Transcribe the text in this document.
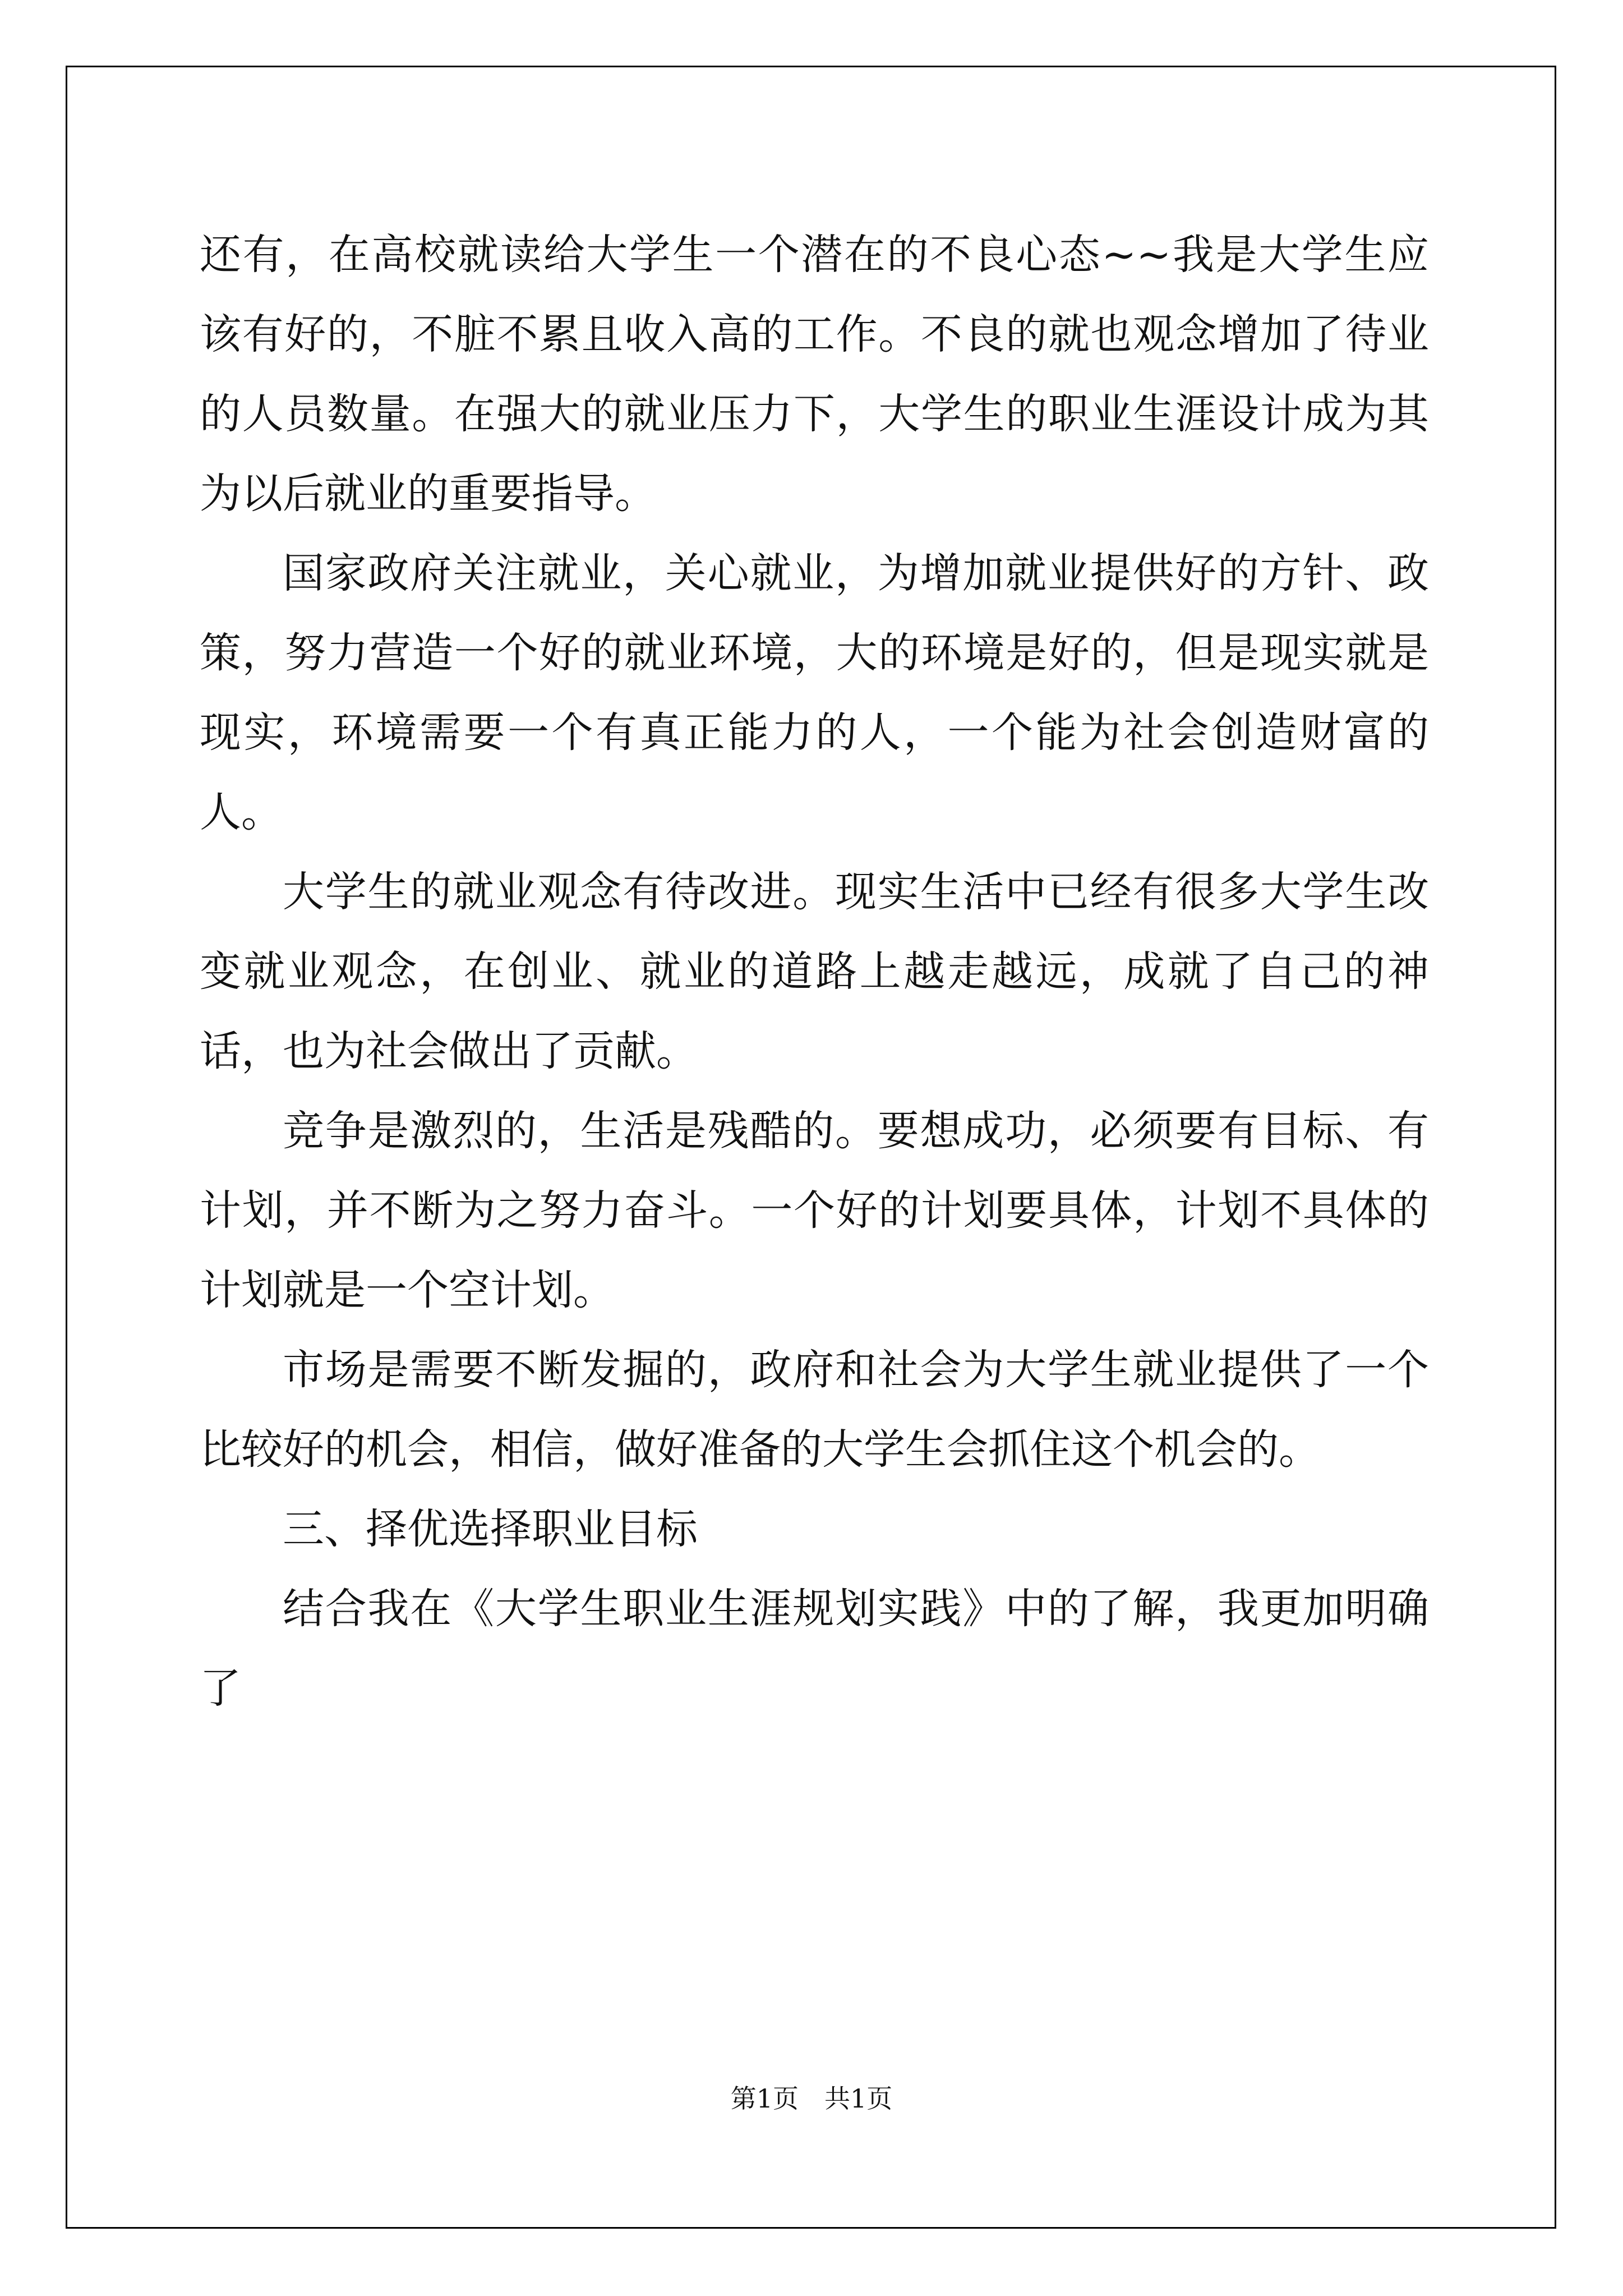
还有，在高校就读给大学生一个潜在的不良心态~~我是大学生应该有好的，不脏不累且收入高的工作。不良的就也观念增加了待业的人员数量。在强大的就业压力下，大学生的职业生涯设计成为其为以后就业的重要指导。

国家政府关注就业，关心就业，为增加就业提供好的方针、政策，努力营造一个好的就业环境，大的环境是好的，但是现实就是现实，环境需要一个有真正能力的人，一个能为社会创造财富的人。

大学生的就业观念有待改进。现实生活中已经有很多大学生改变就业观念，在创业、就业的道路上越走越远，成就了自己的神话，也为社会做出了贡献。

竞争是激烈的，生活是残酷的。要想成功，必须要有目标、有计划，并不断为之努力奋斗。一个好的计划要具体，计划不具体的计划就是一个空计划。

市场是需要不断发掘的，政府和社会为大学生就业提供了一个比较好的机会，相信，做好准备的大学生会抓住这个机会的。

三、择优选择职业目标

结合我在《大学生职业生涯规划实践》中的了解，我更加明确了

第1页　共1页
